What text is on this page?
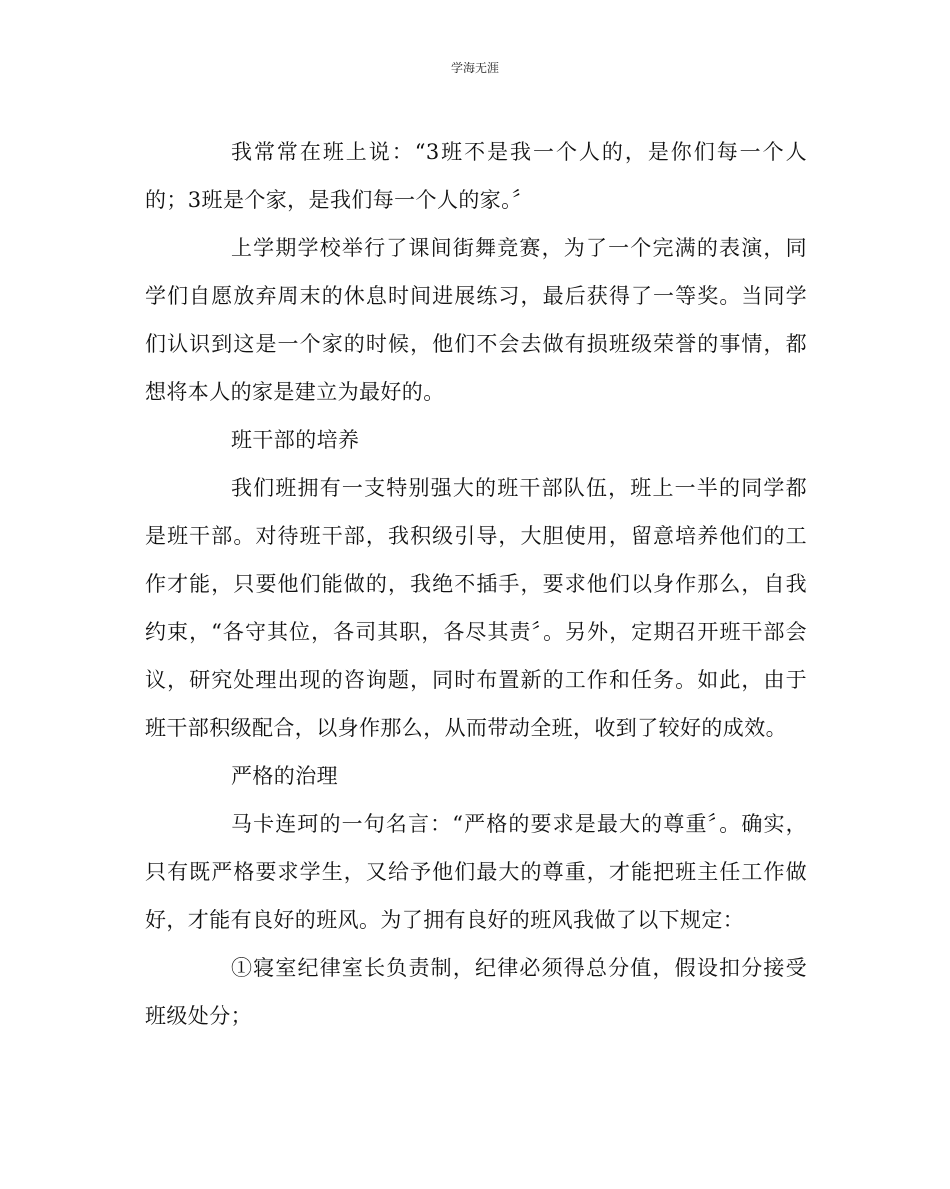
学海无涯

我常常在班上说：“3班不是我一个人的，是你们每一个人的；3班是个家，是我们每一个人的家。〞

上学期学校举行了课间街舞竞赛，为了一个完满的表演，同学们自愿放弃周末的休息时间进展练习，最后获得了一等奖。当同学们认识到这是一个家的时候，他们不会去做有损班级荣誉的事情，都想将本人的家是建立为最好的。

班干部的培养

我们班拥有一支特别强大的班干部队伍，班上一半的同学都是班干部。对待班干部，我积级引导，大胆使用，留意培养他们的工作才能，只要他们能做的，我绝不插手，要求他们以身作那么，自我约束，“各守其位，各司其职，各尽其责〞。另外，定期召开班干部会议，研究处理出现的咨询题，同时布置新的工作和任务。如此，由于班干部积级配合，以身作那么，从而带动全班，收到了较好的成效。

严格的治理

马卡连珂的一句名言：“严格的要求是最大的尊重〞。确实，只有既严格要求学生，又给予他们最大的尊重，才能把班主任工作做好，才能有良好的班风。为了拥有良好的班风我做了以下规定：

①寝室纪律室长负责制，纪律必须得总分值，假设扣分接受班级处分；
